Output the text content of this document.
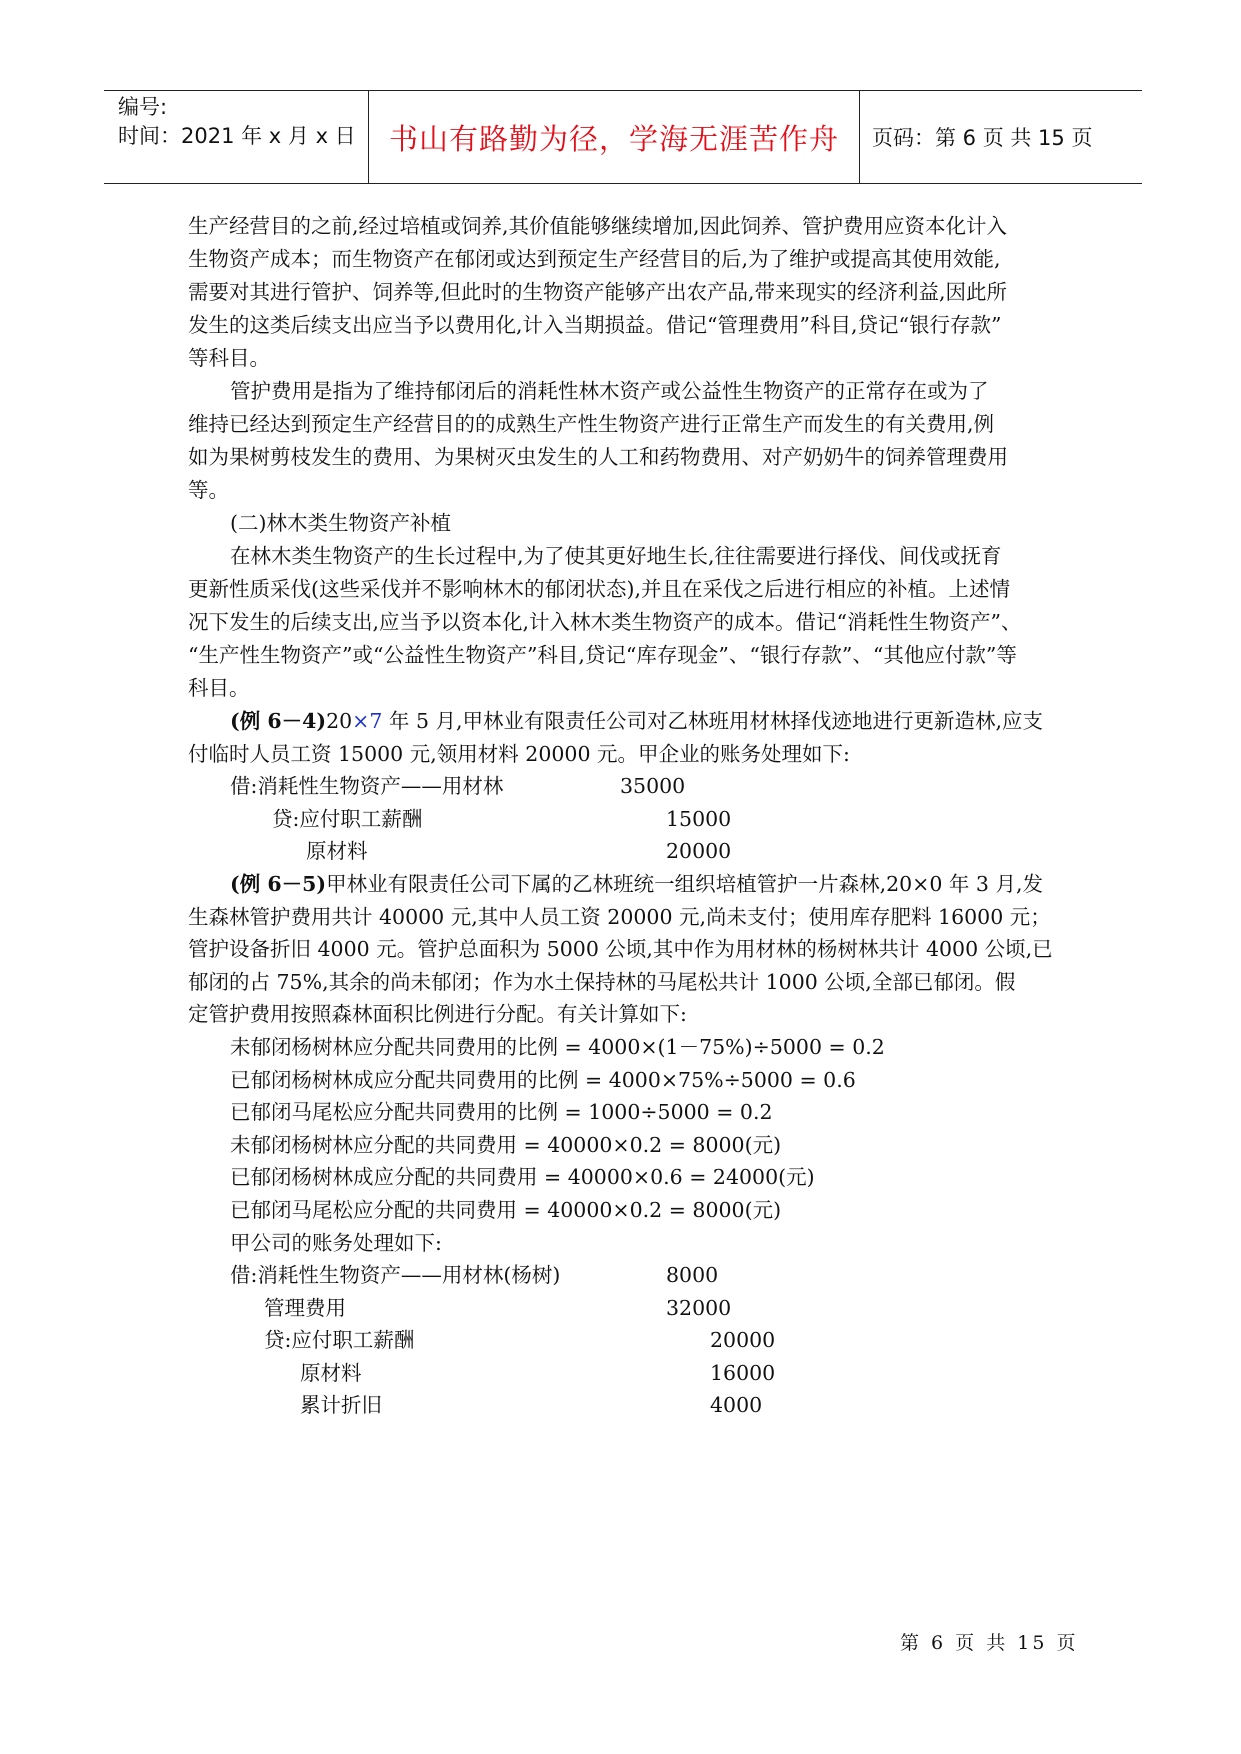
编号:
时间：2021 年 x 月 x 日	书山有路勤为径，学海无涯苦作舟	页码：第 6 页 共 15 页
生产经营目的之前,经过培植或饲养,其价值能够继续增加,因此饲养、管护费用应资本化计入
生物资产成本；而生物资产在郁闭或达到预定生产经营目的后,为了维护或提高其使用效能,
需要对其进行管护、饲养等,但此时的生物资产能够产出农产品,带来现实的经济利益,因此所
发生的这类后续支出应当予以费用化,计入当期损益。借记“管理费用”科目,贷记“银行存款”
等科目。
管护费用是指为了维持郁闭后的消耗性林木资产或公益性生物资产的正常存在或为了
维持已经达到预定生产经营目的的成熟生产性生物资产进行正常生产而发生的有关费用,例
如为果树剪枝发生的费用、为果树灭虫发生的人工和药物费用、对产奶奶牛的饲养管理费用
等。
(二)林木类生物资产补植
在林木类生物资产的生长过程中,为了使其更好地生长,往往需要进行择伐、间伐或抚育
更新性质采伐(这些采伐并不影响林木的郁闭状态),并且在采伐之后进行相应的补植。上述情
况下发生的后续支出,应当予以资本化,计入林木类生物资产的成本。借记“消耗性生物资产”、
“生产性生物资产”或“公益性生物资产”科目,贷记“库存现金”、“银行存款”、“其他应付款”等
科目。
(例 6－4)20×7 年 5 月,甲林业有限责任公司对乙林班用材林择伐迹地进行更新造林,应支
付临时人员工资 15000 元,领用材料 20000 元。甲企业的账务处理如下:
借:消耗性生物资产——用材林	35000
贷:应付职工薪酬	15000
原材料	20000
(例 6－5)甲林业有限责任公司下属的乙林班统一组织培植管护一片森林,20×0 年 3 月,发
生森林管护费用共计 40000 元,其中人员工资 20000 元,尚未支付；使用库存肥料 16000 元；
管护设备折旧 4000 元。管护总面积为 5000 公顷,其中作为用材林的杨树林共计 4000 公顷,已
郁闭的占 75%,其余的尚未郁闭；作为水土保持林的马尾松共计 1000 公顷,全部已郁闭。假
定管护费用按照森林面积比例进行分配。有关计算如下:
未郁闭杨树林应分配共同费用的比例 = 4000×(1－75%)÷5000 = 0.2
已郁闭杨树林成应分配共同费用的比例 = 4000×75%÷5000 = 0.6
已郁闭马尾松应分配共同费用的比例 = 1000÷5000 = 0.2
未郁闭杨树林应分配的共同费用 = 40000×0.2 = 8000(元)
已郁闭杨树林成应分配的共同费用 = 40000×0.6 = 24000(元)
已郁闭马尾松应分配的共同费用 = 40000×0.2 = 8000(元)
甲公司的账务处理如下:
借:消耗性生物资产——用材林(杨树)	8000
管理费用	32000
贷:应付职工薪酬	20000
原材料	16000
累计折旧	4000
第 6 页 共 15 页
